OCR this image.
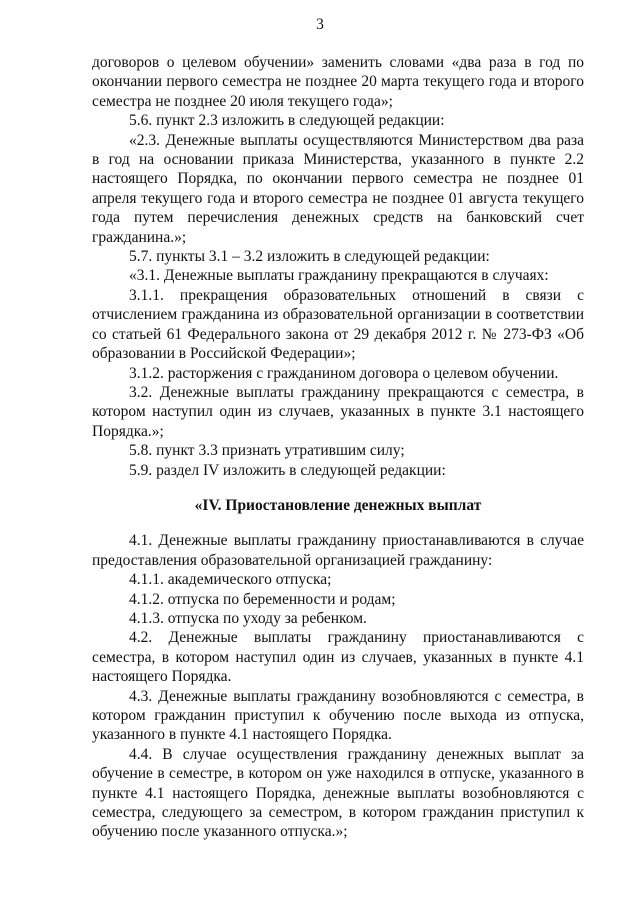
3

договоров о целевом обучении» заменить словами «два раза в год по окончании первого семестра не позднее 20 марта текущего года и второго семестра не позднее 20 июля текущего года»;

5.6. пункт 2.3 изложить в следующей редакции:

«2.3. Денежные выплаты осуществляются Министерством два раза в год на основании приказа Министерства, указанного в пункте 2.2 настоящего Порядка, по окончании первого семестра не позднее 01 апреля текущего года и второго семестра не позднее 01 августа текущего года путем перечисления денежных средств на банковский счет гражданина.»;

5.7. пункты 3.1 – 3.2 изложить в следующей редакции:

«3.1. Денежные выплаты гражданину прекращаются в случаях:

3.1.1. прекращения образовательных отношений в связи с отчислением гражданина из образовательной организации в соответствии со статьей 61 Федерального закона от 29 декабря 2012 г. № 273-ФЗ «Об образовании в Российской Федерации»;

3.1.2. расторжения с гражданином договора о целевом обучении.

3.2. Денежные выплаты гражданину прекращаются с семестра, в котором наступил один из случаев, указанных в пункте 3.1 настоящего Порядка.»;

5.8. пункт 3.3 признать утратившим силу;

5.9. раздел IV изложить в следующей редакции:

«IV. Приостановление денежных выплат

4.1. Денежные выплаты гражданину приостанавливаются в случае предоставления образовательной организацией гражданину:

4.1.1. академического отпуска;

4.1.2. отпуска по беременности и родам;

4.1.3. отпуска по уходу за ребенком.

4.2. Денежные выплаты гражданину приостанавливаются с семестра, в котором наступил один из случаев, указанных в пункте 4.1 настоящего Порядка.

4.3. Денежные выплаты гражданину возобновляются с семестра, в котором гражданин приступил к обучению после выхода из отпуска, указанного в пункте 4.1 настоящего Порядка.

4.4. В случае осуществления гражданину денежных выплат за обучение в семестре, в котором он уже находился в отпуске, указанного в пункте 4.1 настоящего Порядка, денежные выплаты возобновляются с семестра, следующего за семестром, в котором гражданин приступил к обучению после указанного отпуска.»;
